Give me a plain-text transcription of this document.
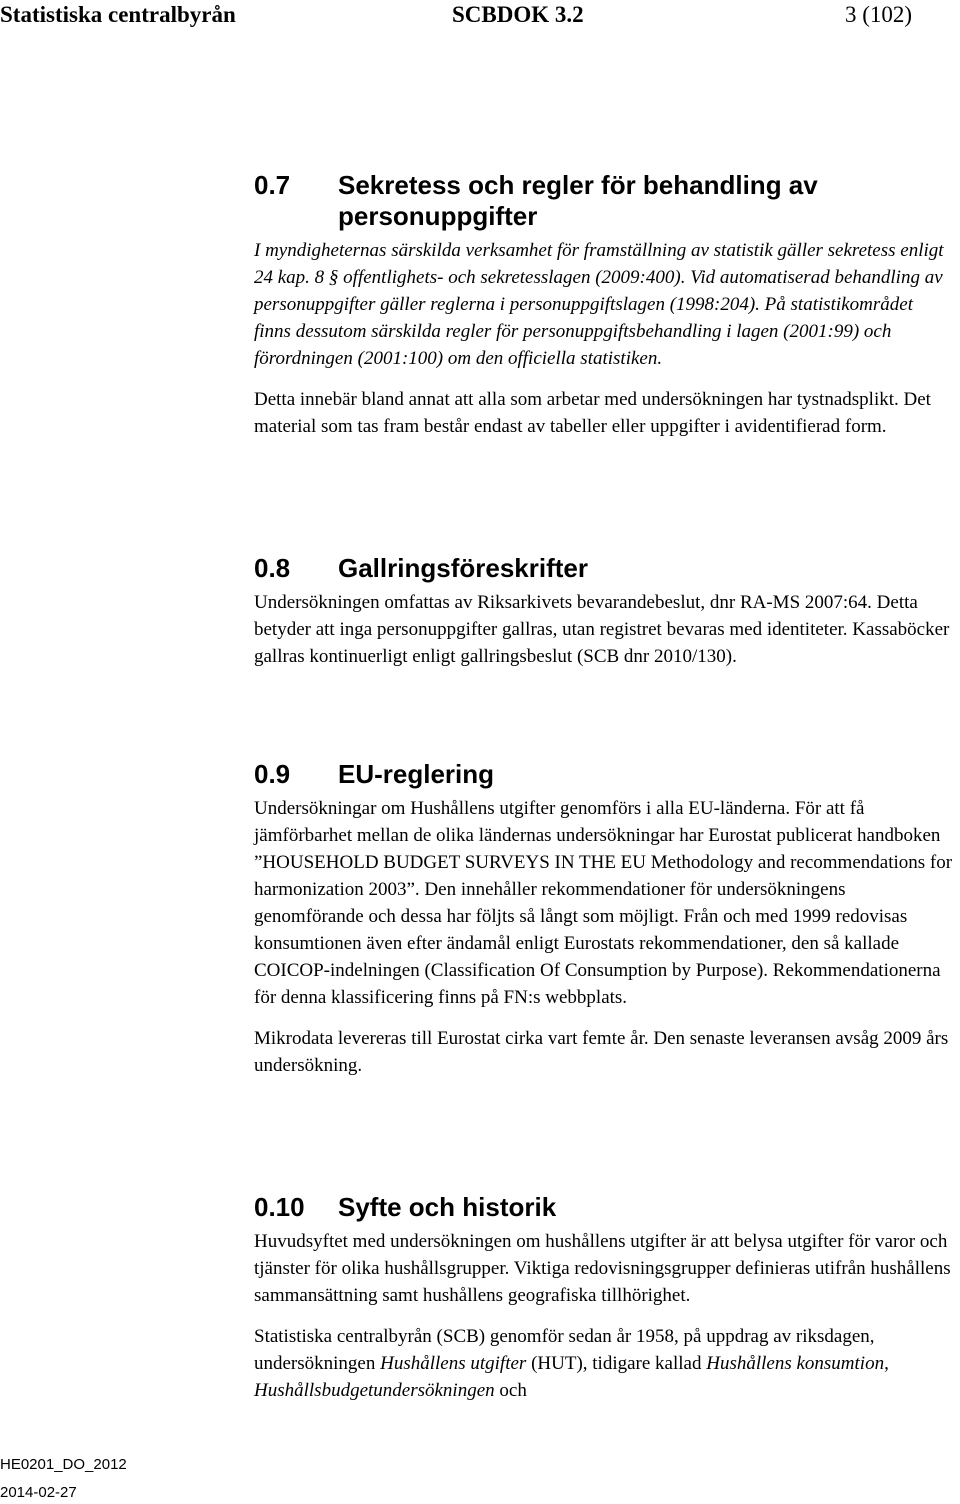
Statistiska centralbyrån	SCBDOK 3.2	3 (102)
0.7	Sekretess och regler för behandling av personuppgifter

I myndigheternas särskilda verksamhet för framställning av statistik gäller sekretess enligt 24 kap. 8 § offentlighets- och sekretesslagen (2009:400). Vid automatiserad behandling av personuppgifter gäller reglerna i personuppgiftslagen (1998:204). På statistikområdet finns dessutom särskilda regler för personuppgiftsbehandling i lagen (2001:99) och förordningen (2001:100) om den officiella statistiken.

Detta innebär bland annat att alla som arbetar med undersökningen har tystnadsplikt. Det material som tas fram består endast av tabeller eller uppgifter i avidentifierad form.

0.8	Gallringsföreskrifter

Undersökningen omfattas av Riksarkivets bevarandebeslut, dnr RA-MS 2007:64. Detta betyder att inga personuppgifter gallras, utan registret bevaras med identiteter. Kassaböcker gallras kontinuerligt enligt gallringsbeslut (SCB dnr 2010/130).

0.9	EU-reglering

Undersökningar om Hushållens utgifter genomförs i alla EU-länderna. För att få jämförbarhet mellan de olika ländernas undersökningar har Eurostat publicerat handboken ”HOUSEHOLD BUDGET SURVEYS IN THE EU Methodology and recommendations for harmonization 2003”. Den innehåller rekommendationer för undersökningens genomförande och dessa har följts så långt som möjligt. Från och med 1999 redovisas konsumtionen även efter ändamål enligt Eurostats rekommendationer, den så kallade COICOP-indelningen (Classification Of Consumption by Purpose). Rekommendationerna för denna klassificering finns på FN:s webbplats.

Mikrodata levereras till Eurostat cirka vart femte år. Den senaste leveransen avsåg 2009 års undersökning.

0.10	Syfte och historik

Huvudsyftet med undersökningen om hushållens utgifter är att belysa utgifter för varor och tjänster för olika hushållsgrupper. Viktiga redovisningsgrupper definieras utifrån hushållens sammansättning samt hushållens geografiska tillhörighet.

Statistiska centralbyrån (SCB) genomför sedan år 1958, på uppdrag av riksdagen, undersökningen Hushållens utgifter (HUT), tidigare kallad Hushållens konsumtion, Hushållsbudgetundersökningen och

HE0201_DO_2012
2014-02-27
